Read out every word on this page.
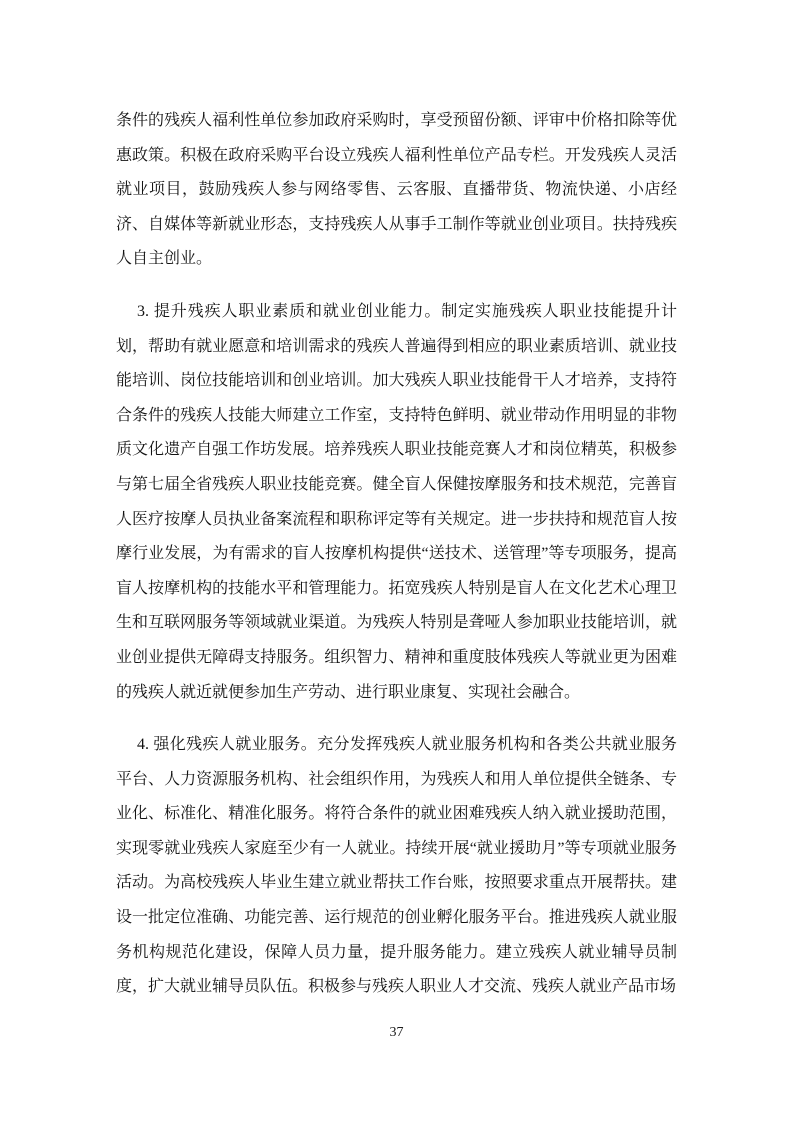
条件的残疾人福利性单位参加政府采购时，享受预留份额、评审中价格扣除等优惠政策。积极在政府采购平台设立残疾人福利性单位产品专栏。开发残疾人灵活就业项目，鼓励残疾人参与网络零售、云客服、直播带货、物流快递、小店经济、自媒体等新就业形态，支持残疾人从事手工制作等就业创业项目。扶持残疾人自主创业。

3. 提升残疾人职业素质和就业创业能力。制定实施残疾人职业技能提升计划，帮助有就业愿意和培训需求的残疾人普遍得到相应的职业素质培训、就业技能培训、岗位技能培训和创业培训。加大残疾人职业技能骨干人才培养，支持符合条件的残疾人技能大师建立工作室，支持特色鲜明、就业带动作用明显的非物质文化遗产自强工作坊发展。培养残疾人职业技能竞赛人才和岗位精英，积极参与第七届全省残疾人职业技能竞赛。健全盲人保健按摩服务和技术规范，完善盲人医疗按摩人员执业备案流程和职称评定等有关规定。进一步扶持和规范盲人按摩行业发展，为有需求的盲人按摩机构提供“送技术、送管理”等专项服务，提高盲人按摩机构的技能水平和管理能力。拓宽残疾人特别是盲人在文化艺术心理卫生和互联网服务等领域就业渠道。为残疾人特别是聋哑人参加职业技能培训，就业创业提供无障碍支持服务。组织智力、精神和重度肢体残疾人等就业更为困难的残疾人就近就便参加生产劳动、进行职业康复、实现社会融合。

4. 强化残疾人就业服务。充分发挥残疾人就业服务机构和各类公共就业服务平台、人力资源服务机构、社会组织作用，为残疾人和用人单位提供全链条、专业化、标准化、精准化服务。将符合条件的就业困难残疾人纳入就业援助范围，实现零就业残疾人家庭至少有一人就业。持续开展“就业援助月”等专项就业服务活动。为高校残疾人毕业生建立就业帮扶工作台账，按照要求重点开展帮扶。建设一批定位准确、功能完善、运行规范的创业孵化服务平台。推进残疾人就业服务机构规范化建设，保障人员力量，提升服务能力。建立残疾人就业辅导员制度，扩大就业辅导员队伍。积极参与残疾人职业人才交流、残疾人就业产品市场

37
